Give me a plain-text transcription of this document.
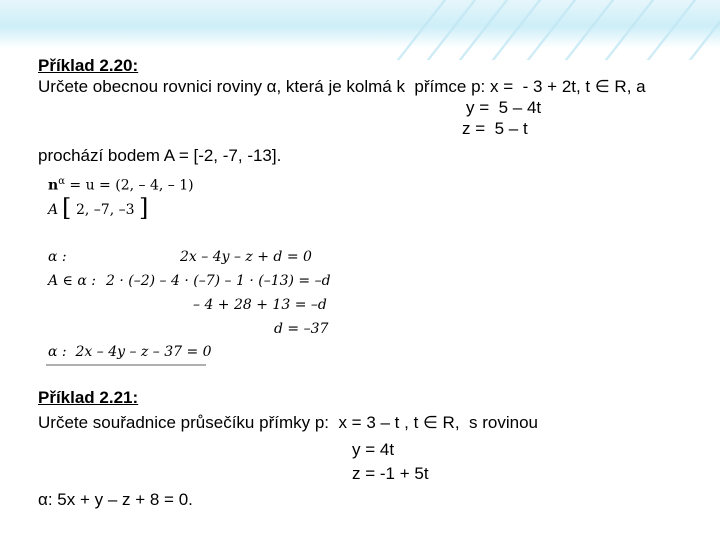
Příklad 2.20:
Určete obecnou rovnici roviny α, která je kolmá k  přímce p: x =  - 3 + 2t, t ∈ R, a
y =  5 – 4t
z =  5 – t
prochází bodem A = [-2, -7, -13].
$n^\alpha = u = (2$, – 4, – 1)
A [ 2, –7, –3 ]
α :	2x – 4y – z + d = 0
A ∈ α : 2 · (–2) – 4 · (–7) – 1 · (–13) = –d
– 4 + 28 + 13 = –d
d = –37
α :  2x – 4y – z – 37 = 0
Příklad 2.21:
Určete souřadnice průsečíku přímky p:  x = 3 – t , t ∈ R,  s rovinou
y = 4t
z = -1 + 5t
α: 5x + y – z + 8 = 0.
